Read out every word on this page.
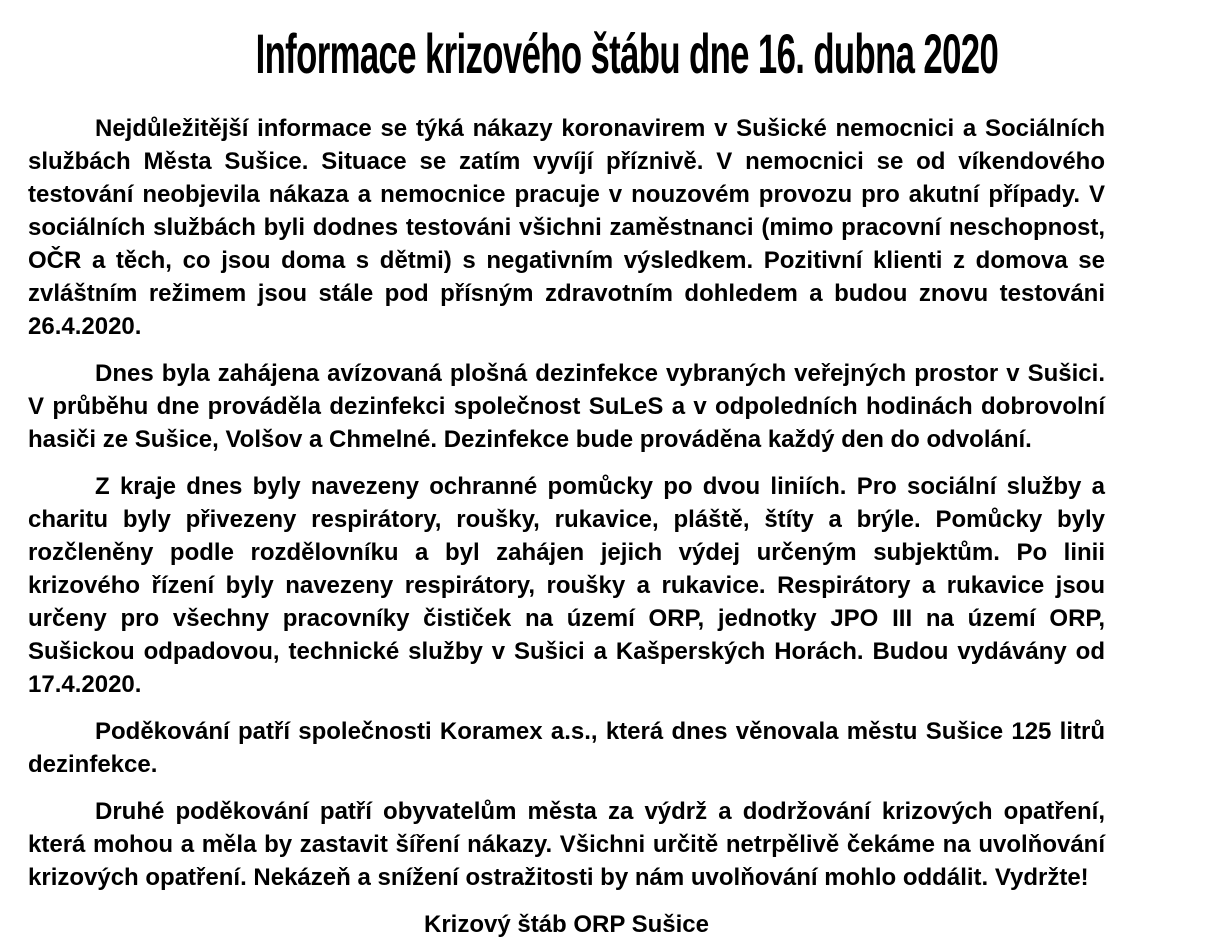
Informace krizového štábu dne 16. dubna 2020

Nejdůležitější informace se týká nákazy koronavirem v Sušické nemocnici a Sociálních službách Města Sušice. Situace se zatím vyvíjí příznivě. V nemocnici se od víkendového testování neobjevila nákaza a nemocnice pracuje v nouzovém provozu pro akutní případy. V sociálních službách byli dodnes testováni všichni zaměstnanci (mimo pracovní neschopnost, OČR a těch, co jsou doma s dětmi) s negativním výsledkem. Pozitivní klienti z domova se zvláštním režimem jsou stále pod přísným zdravotním dohledem a budou znovu testováni 26.4.2020.

Dnes byla zahájena avízovaná plošná dezinfekce vybraných veřejných prostor v Sušici. V průběhu dne prováděla dezinfekci společnost SuLeS a v odpoledních hodinách dobrovolní hasiči ze Sušice, Volšov a Chmelné. Dezinfekce bude prováděna každý den do odvolání.

Z kraje dnes byly navezeny ochranné pomůcky po dvou liniích. Pro sociální služby a charitu byly přivezeny respirátory, roušky, rukavice, pláště, štíty a brýle. Pomůcky byly rozčleněny podle rozdělovníku a byl zahájen jejich výdej určeným subjektům. Po linii krizového řízení byly navezeny respirátory, roušky a rukavice. Respirátory a rukavice jsou určeny pro všechny pracovníky čističek na území ORP, jednotky JPO III na území ORP, Sušickou odpadovou, technické služby v Sušici a Kašperských Horách. Budou vydávány od 17.4.2020.

Poděkování patří společnosti Koramex a.s., která dnes věnovala městu Sušice 125 litrů dezinfekce.

Druhé poděkování patří obyvatelům města za výdrž a dodržování krizových opatření, která mohou a měla by zastavit šíření nákazy. Všichni určitě netrpělivě čekáme na uvolňování krizových opatření. Nekázeň a snížení ostražitosti by nám uvolňování mohlo oddálit. Vydržte!

Krizový štáb ORP Sušice
